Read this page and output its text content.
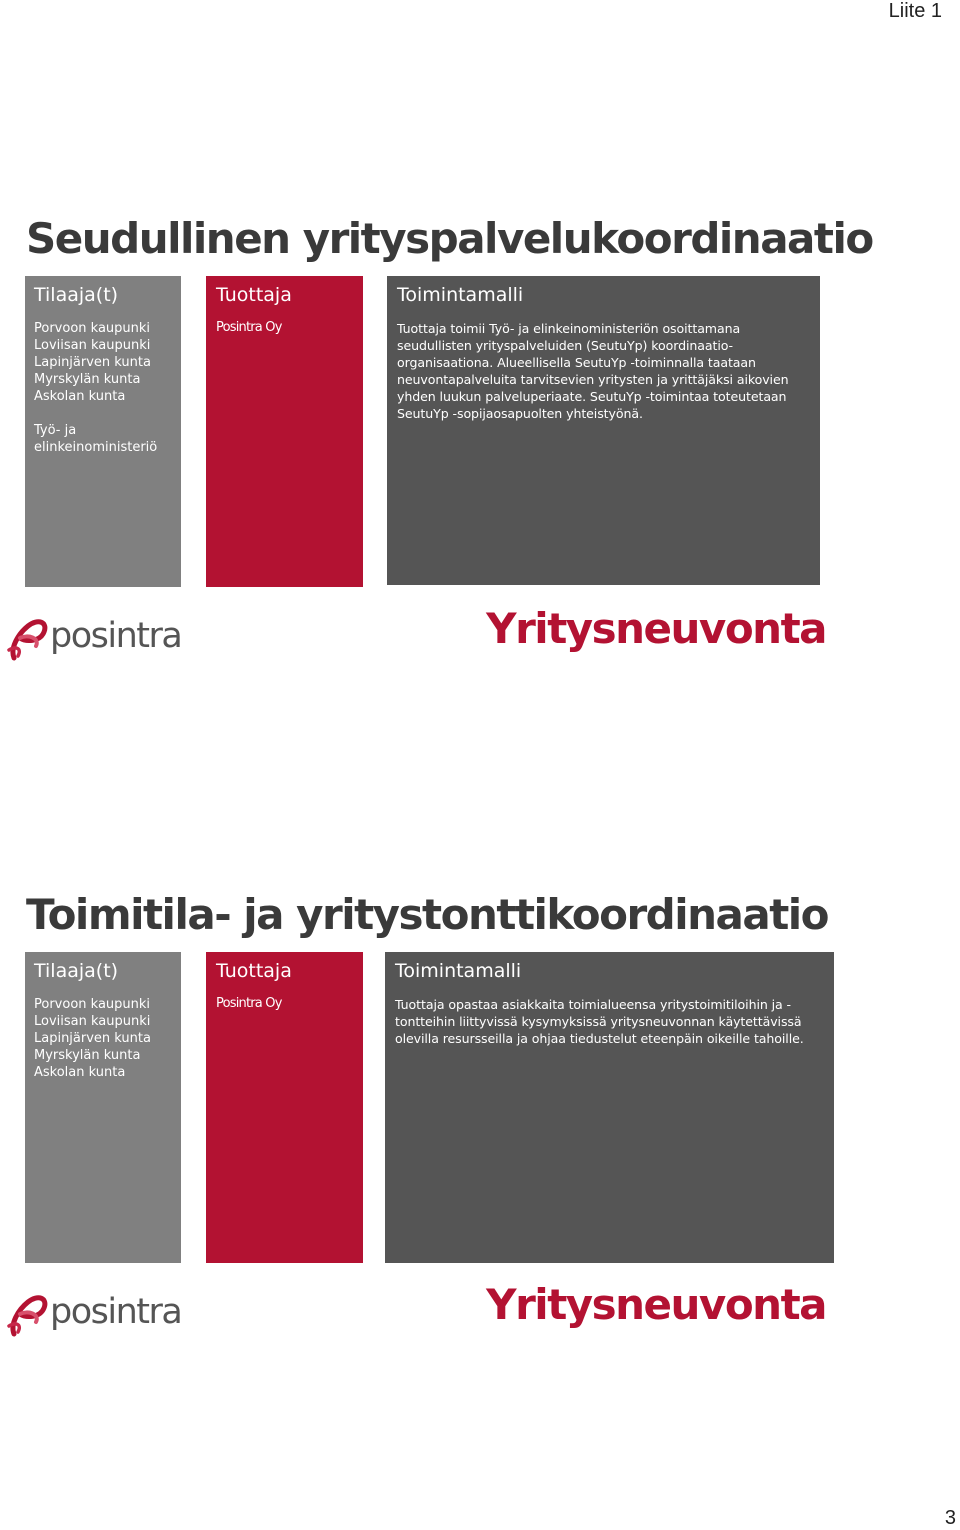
Liite 1
Seudullinen yrityspalvelukoordinaatio
Tilaaja(t)
Porvoon kaupunki
Loviisan kaupunki
Lapinjärven kunta
Myrskylän kunta
Askolan kunta
Työ- ja elinkeinoministeriö
Tuottaja
Posintra Oy
Toimintamalli
Tuottaja toimii Työ- ja elinkeinoministeriön osoittamana seudullisten yrityspalveluiden (SeutuYp) koordinaatio-organisaationa. Alueellisella SeutuYp -toiminnalla taataan neuvontapalveluita tarvitsevien yritysten ja yrittäjäksi aikovien yhden luukun palveluperiaate. SeutuYp -toimintaa toteutetaan SeutuYp -sopijaosapuolten yhteistyönä.
posintra	Yritysneuvonta
Toimitila- ja yritystonttikoordinaatio
Tilaaja(t)
Porvoon kaupunki
Loviisan kaupunki
Lapinjärven kunta
Myrskylän kunta
Askolan kunta
Tuottaja
Posintra Oy
Toimintamalli
Tuottaja opastaa asiakkaita toimialueensa yritystoimitiloihin ja -tontteihin liittyvissä kysymyksissä yritysneuvonnan käytettävissä olevilla resursseilla ja ohjaa tiedustelut eteenpäin oikeille tahoille.
posintra	Yritysneuvonta
3
